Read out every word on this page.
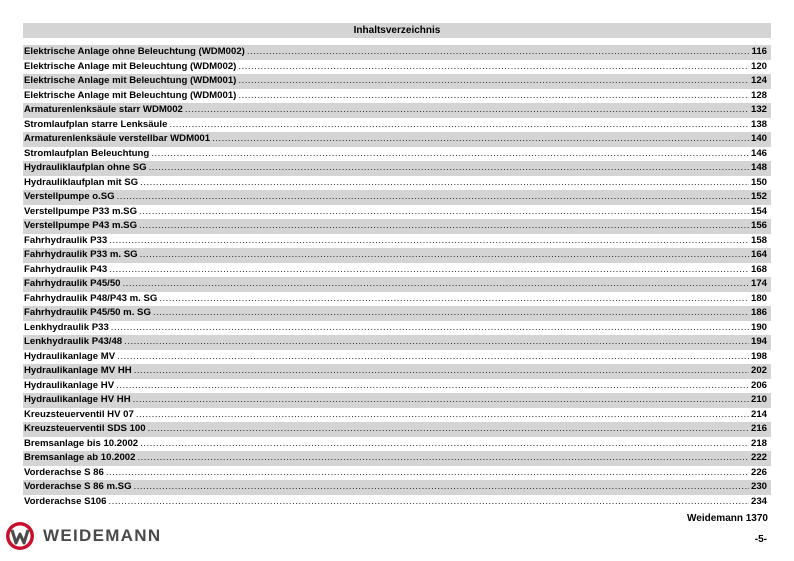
Inhaltsverzeichnis
Elektrische Anlage ohne Beleuchtung (WDM002) .....	116
Elektrische Anlage mit Beleuchtung (WDM002) .....	120
Elektrische Anlage mit Beleuchtung (WDM001) .....	124
Elektrische Anlage mit Beleuchtung (WDM001) .....	128
Armaturenlenksäule starr WDM002 .....	132
Stromlaufplan starre Lenksäule .....	138
Armaturenlenksäule verstellbar WDM001 .....	140
Stromlaufplan Beleuchtung .....	146
Hydrauliklaufplan ohne SG .....	148
Hydrauliklaufplan mit SG .....	150
Verstellpumpe o.SG .....	152
Verstellpumpe P33 m.SG .....	154
Verstellpumpe P43 m.SG .....	156
Fahrhydraulik P33 .....	158
Fahrhydraulik P33 m. SG .....	164
Fahrhydraulik P43 .....	168
Fahrhydraulik P45/50 .....	174
Fahrhydraulik P48/P43 m. SG .....	180
Fahrhydraulik P45/50 m. SG .....	186
Lenkhydraulik P33 .....	190
Lenkhydraulik P43/48 .....	194
Hydraulikanlage MV .....	198
Hydraulikanlage MV HH .....	202
Hydraulikanlage HV .....	206
Hydraulikanlage HV HH .....	210
Kreuzsteuerventil HV 07 .....	214
Kreuzsteuerventil SDS 100 .....	216
Bremsanlage bis 10.2002 .....	218
Bremsanlage ab 10.2002 .....	222
Vorderachse S 86 .....	226
Vorderachse S 86 m.SG .....	230
Vorderachse S106 .....	234
WEIDEMANN
Weidemann 1370
-5-
